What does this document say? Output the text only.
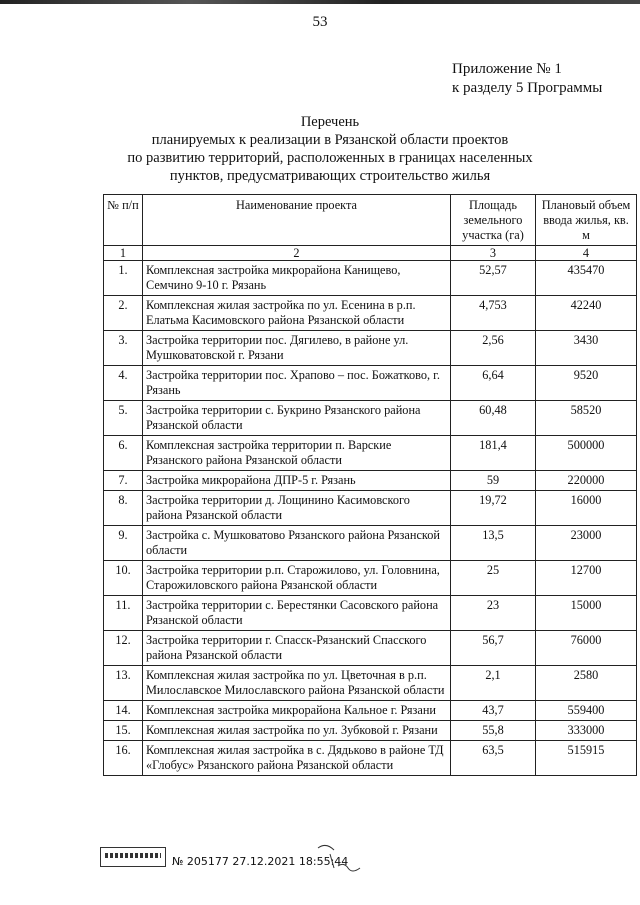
53
Приложение № 1
к разделу 5 Программы
Перечень
планируемых к реализации в Рязанской области проектов
по развитию территорий, расположенных в границах населенных
пунктов, предусматривающих строительство жилья
№ п/п	Наименование проекта	Площадь земельного участка (га)	Плановый объем ввода жилья, кв. м
1	2	3	4
1.	Комплексная застройка микрорайона Канищево, Семчино 9-10 г. Рязань	52,57	435470
2.	Комплексная жилая застройка по ул. Есенина в р.п. Елатьма Касимовского района Рязанской области	4,753	42240
3.	Застройка территории пос. Дягилево, в районе ул. Мушковатовской г. Рязани	2,56	3430
4.	Застройка территории пос. Храпово – пос. Божатково, г. Рязань	6,64	9520
5.	Застройка территории с. Букрино Рязанского района Рязанской области	60,48	58520
6.	Комплексная застройка территории п. Варские Рязанского района Рязанской области	181,4	500000
7.	Застройка микрорайона ДПР-5 г. Рязань	59	220000
8.	Застройка территории д. Лощинино Касимовского района Рязанской области	19,72	16000
9.	Застройка с. Мушковатово Рязанского района Рязанской области	13,5	23000
10.	Застройка территории р.п. Старожилово, ул. Головнина, Старожиловского района Рязанской области	25	12700
11.	Застройка территории с. Берестянки Сасовского района Рязанской области	23	15000
12.	Застройка территории г. Спасск-Рязанский Спасского района Рязанской области	56,7	76000
13.	Комплексная жилая застройка по ул. Цветочная в р.п. Милославское Милославского района Рязанской области	2,1	2580
14.	Комплексная застройка микрорайона Кальное г. Рязани	43,7	559400
15.	Комплексная жилая застройка по ул. Зубковой г. Рязани	55,8	333000
16.	Комплексная жилая застройка в с. Дядьково в районе ТД «Глобус» Рязанского района Рязанской области	63,5	515915
№ 205177 27.12.2021 18:55:44
